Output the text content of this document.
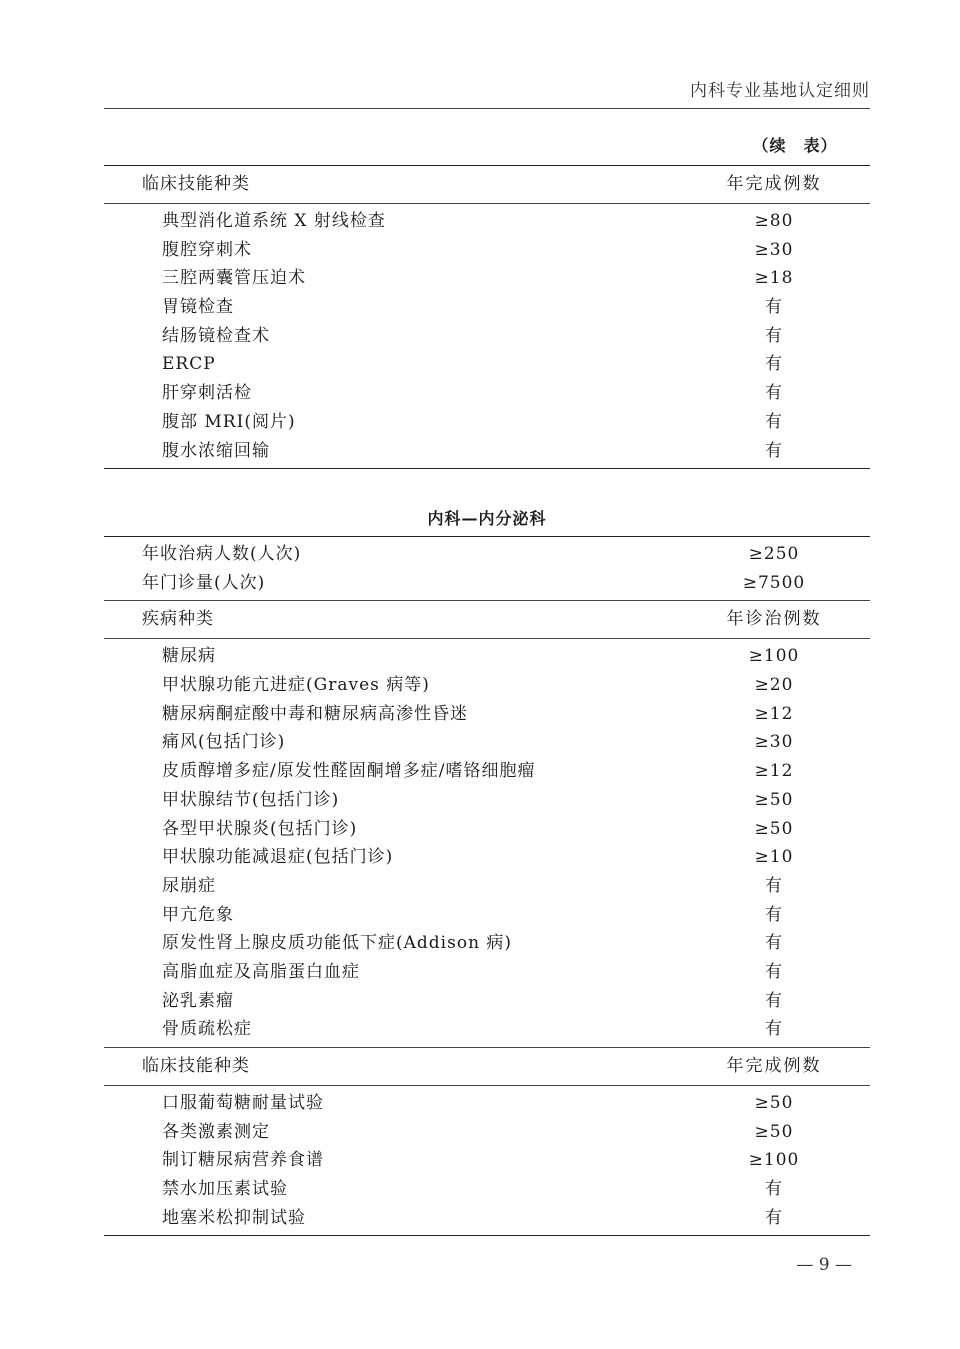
内科专业基地认定细则
（续　表）
临床技能种类	年完成例数
典型消化道系统 X 射线检查	≥80
腹腔穿刺术	≥30
三腔两囊管压迫术	≥18
胃镜检查	有
结肠镜检查术	有
ERCP	有
肝穿刺活检	有
腹部 MRI(阅片)	有
腹水浓缩回输	有
内科—内分泌科
年收治病人数(人次)	≥250
年门诊量(人次)	≥7500
疾病种类	年诊治例数
糖尿病	≥100
甲状腺功能亢进症(Graves 病等)	≥20
糖尿病酮症酸中毒和糖尿病高渗性昏迷	≥12
痛风(包括门诊)	≥30
皮质醇增多症/原发性醛固酮增多症/嗜铬细胞瘤	≥12
甲状腺结节(包括门诊)	≥50
各型甲状腺炎(包括门诊)	≥50
甲状腺功能减退症(包括门诊)	≥10
尿崩症	有
甲亢危象	有
原发性肾上腺皮质功能低下症(Addison 病)	有
高脂血症及高脂蛋白血症	有
泌乳素瘤	有
骨质疏松症	有
临床技能种类	年完成例数
口服葡萄糖耐量试验	≥50
各类激素测定	≥50
制订糖尿病营养食谱	≥100
禁水加压素试验	有
地塞米松抑制试验	有
— 9 —
